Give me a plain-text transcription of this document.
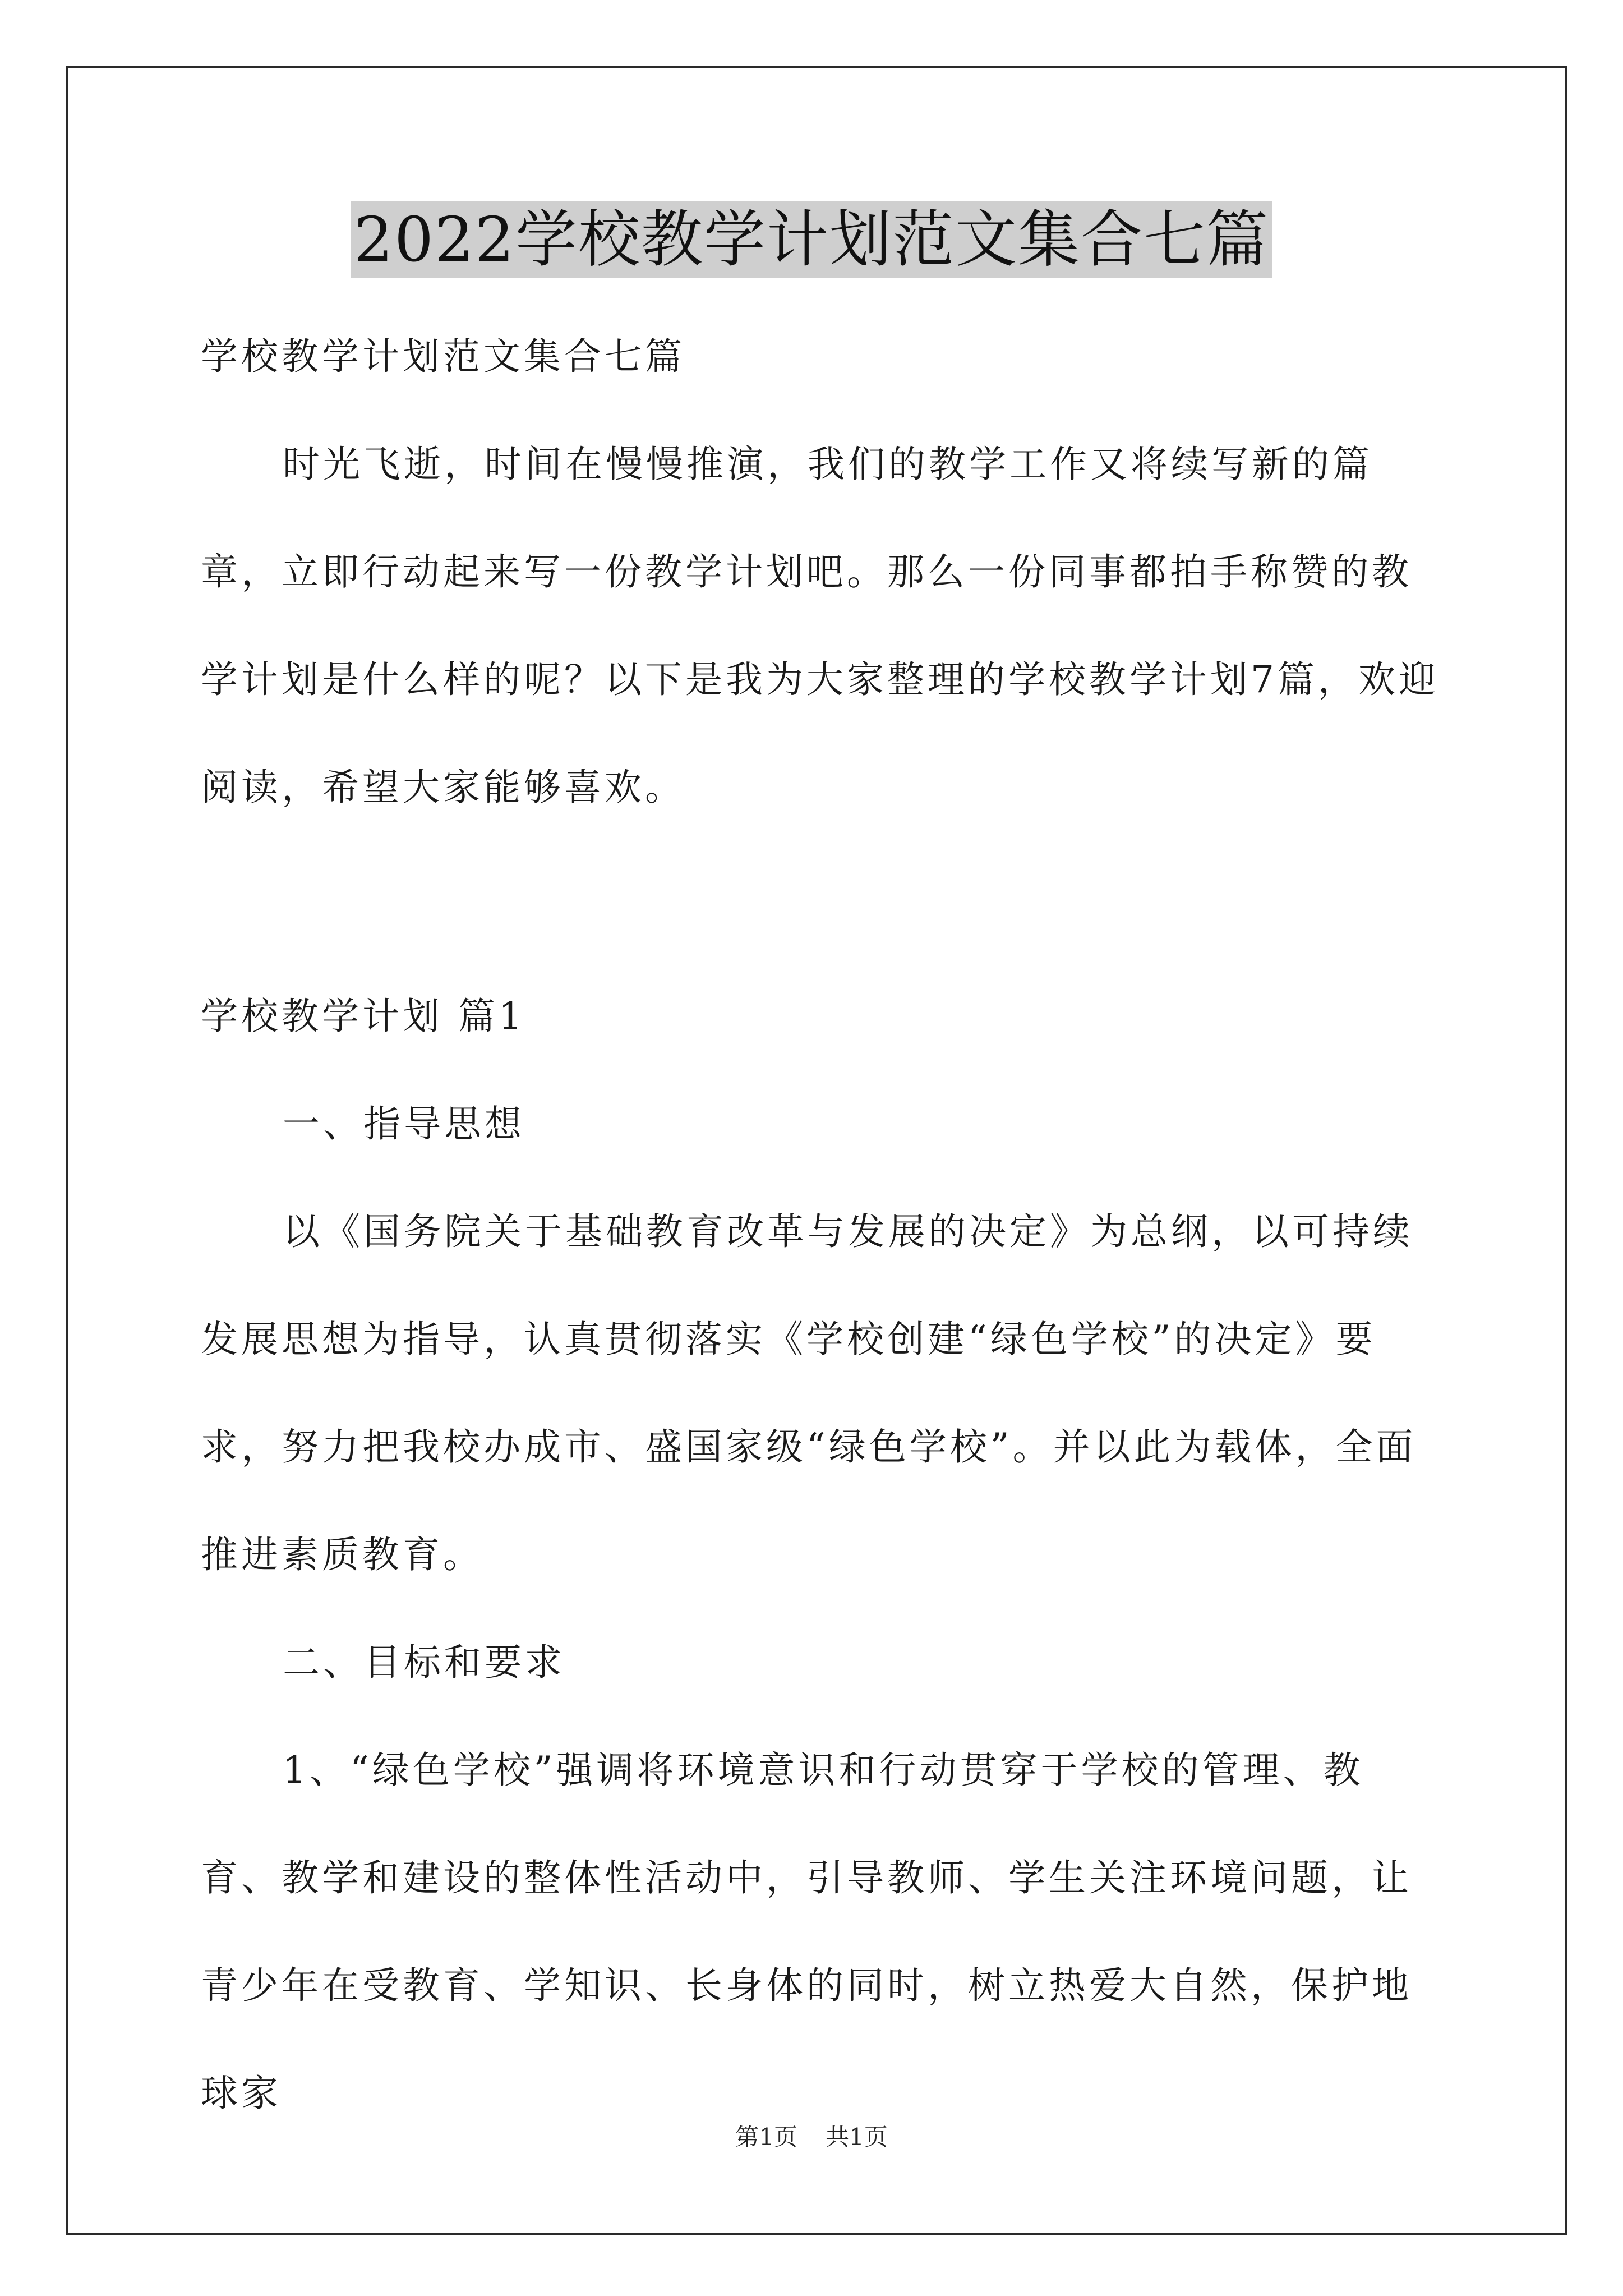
2022学校教学计划范文集合七篇

学校教学计划范文集合七篇

时光飞逝，时间在慢慢推演，我们的教学工作又将续写新的篇章，立即行动起来写一份教学计划吧。那么一份同事都拍手称赞的教学计划是什么样的呢？以下是我为大家整理的学校教学计划7篇，欢迎阅读，希望大家能够喜欢。

学校教学计划 篇1

一、指导思想

以《国务院关于基础教育改革与发展的决定》为总纲，以可持续发展思想为指导，认真贯彻落实《学校创建“绿色学校”的决定》要求，努力把我校办成市、盛国家级“绿色学校”。并以此为载体，全面推进素质教育。

二、目标和要求

1、“绿色学校”强调将环境意识和行动贯穿于学校的管理、教育、教学和建设的整体性活动中，引导教师、学生关注环境问题，让青少年在受教育、学知识、长身体的同时，树立热爱大自然，保护地球家

第1页 共1页
